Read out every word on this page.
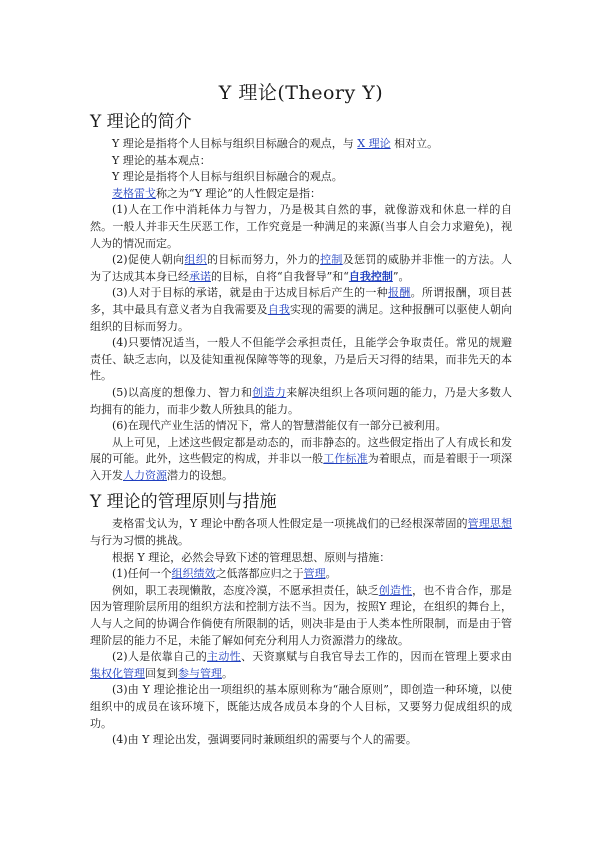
Y 理论(Theory Y)
Y 理论的简介

Y 理论是指将个人目标与组织目标融合的观点，与 X 理论 相对立。

Y 理论的基本观点：

Y 理论是指将个人目标与组织目标融合的观点。

麦格雷戈称之为“Y 理论”的人性假定是指：

(1)人在工作中消耗体力与智力，乃是极其自然的事，就像游戏和休息一样的自然。一般人并非天生厌恶工作，工作究竟是一种满足的来源(当事人自会力求避免)，视人为的情况而定。

(2)促使人朝向组织的目标而努力，外力的控制及惩罚的威胁并非惟一的方法。人为了达成其本身已经承诺的目标，自将“自我督导”和“自我控制”。

(3)人对于目标的承诺，就是由于达成目标后产生的一种报酬。所谓报酬，项目甚多，其中最具有意义者为自我需要及自我实现的需要的满足。这种报酬可以驱使人朝向组织的目标而努力。

(4)只要情况适当，一般人不但能学会承担责任，且能学会争取责任。常见的规避责任、缺乏志向，以及徒知重视保障等等的现象，乃是后天习得的结果，而非先天的本性。

(5)以高度的想像力、智力和创造力来解决组织上各项问题的能力，乃是大多数人均拥有的能力，而非少数人所独具的能力。

(6)在现代产业生活的情况下，常人的智慧潜能仅有一部分已被利用。

从上可见，上述这些假定都是动态的，而非静态的。这些假定指出了人有成长和发展的可能。此外，这些假定的构成，并非以一般工作标准为着眼点，而是着眼于一项深入开发人力资源潜力的设想。

Y 理论的管理原则与措施

麦格雷戈认为，Y 理论中酌各项人性假定是一项挑战们的已经根深蒂固的管理思想与行为习惯的挑战。

根据 Y 理论，必然会导致下述的管理思想、原则与措施：

(1)任何一个组织绩效之低落都应归之于管理。

例如，职工表现懒散，态度冷漠，不愿承担责任，缺乏创造性，也不肯合作，那是因为管理阶层所用的组织方法和控制方法不当。因为，按照Y 理论，在组织的舞台上，人与人之间的协调合作倘使有所限制的话，则决非是由于人类本性所限制，而是由于管理阶层的能力不足，未能了解如何充分利用人力资源潜力的缘故。

(2)人是依靠自己的主动性、天资禀赋与自我官导去工作的，因而在管理上要求由集权化管理回复到参与管理。

(3)由 Y 理论推论出一项组织的基本原则称为“融合原则”，即创造一种环境，以使组织中的成员在该环境下，既能达成各成员本身的个人目标，又要努力促成组织的成功。

(4)由 Y 理论出发，强调要同时兼顾组织的需要与个人的需要。
